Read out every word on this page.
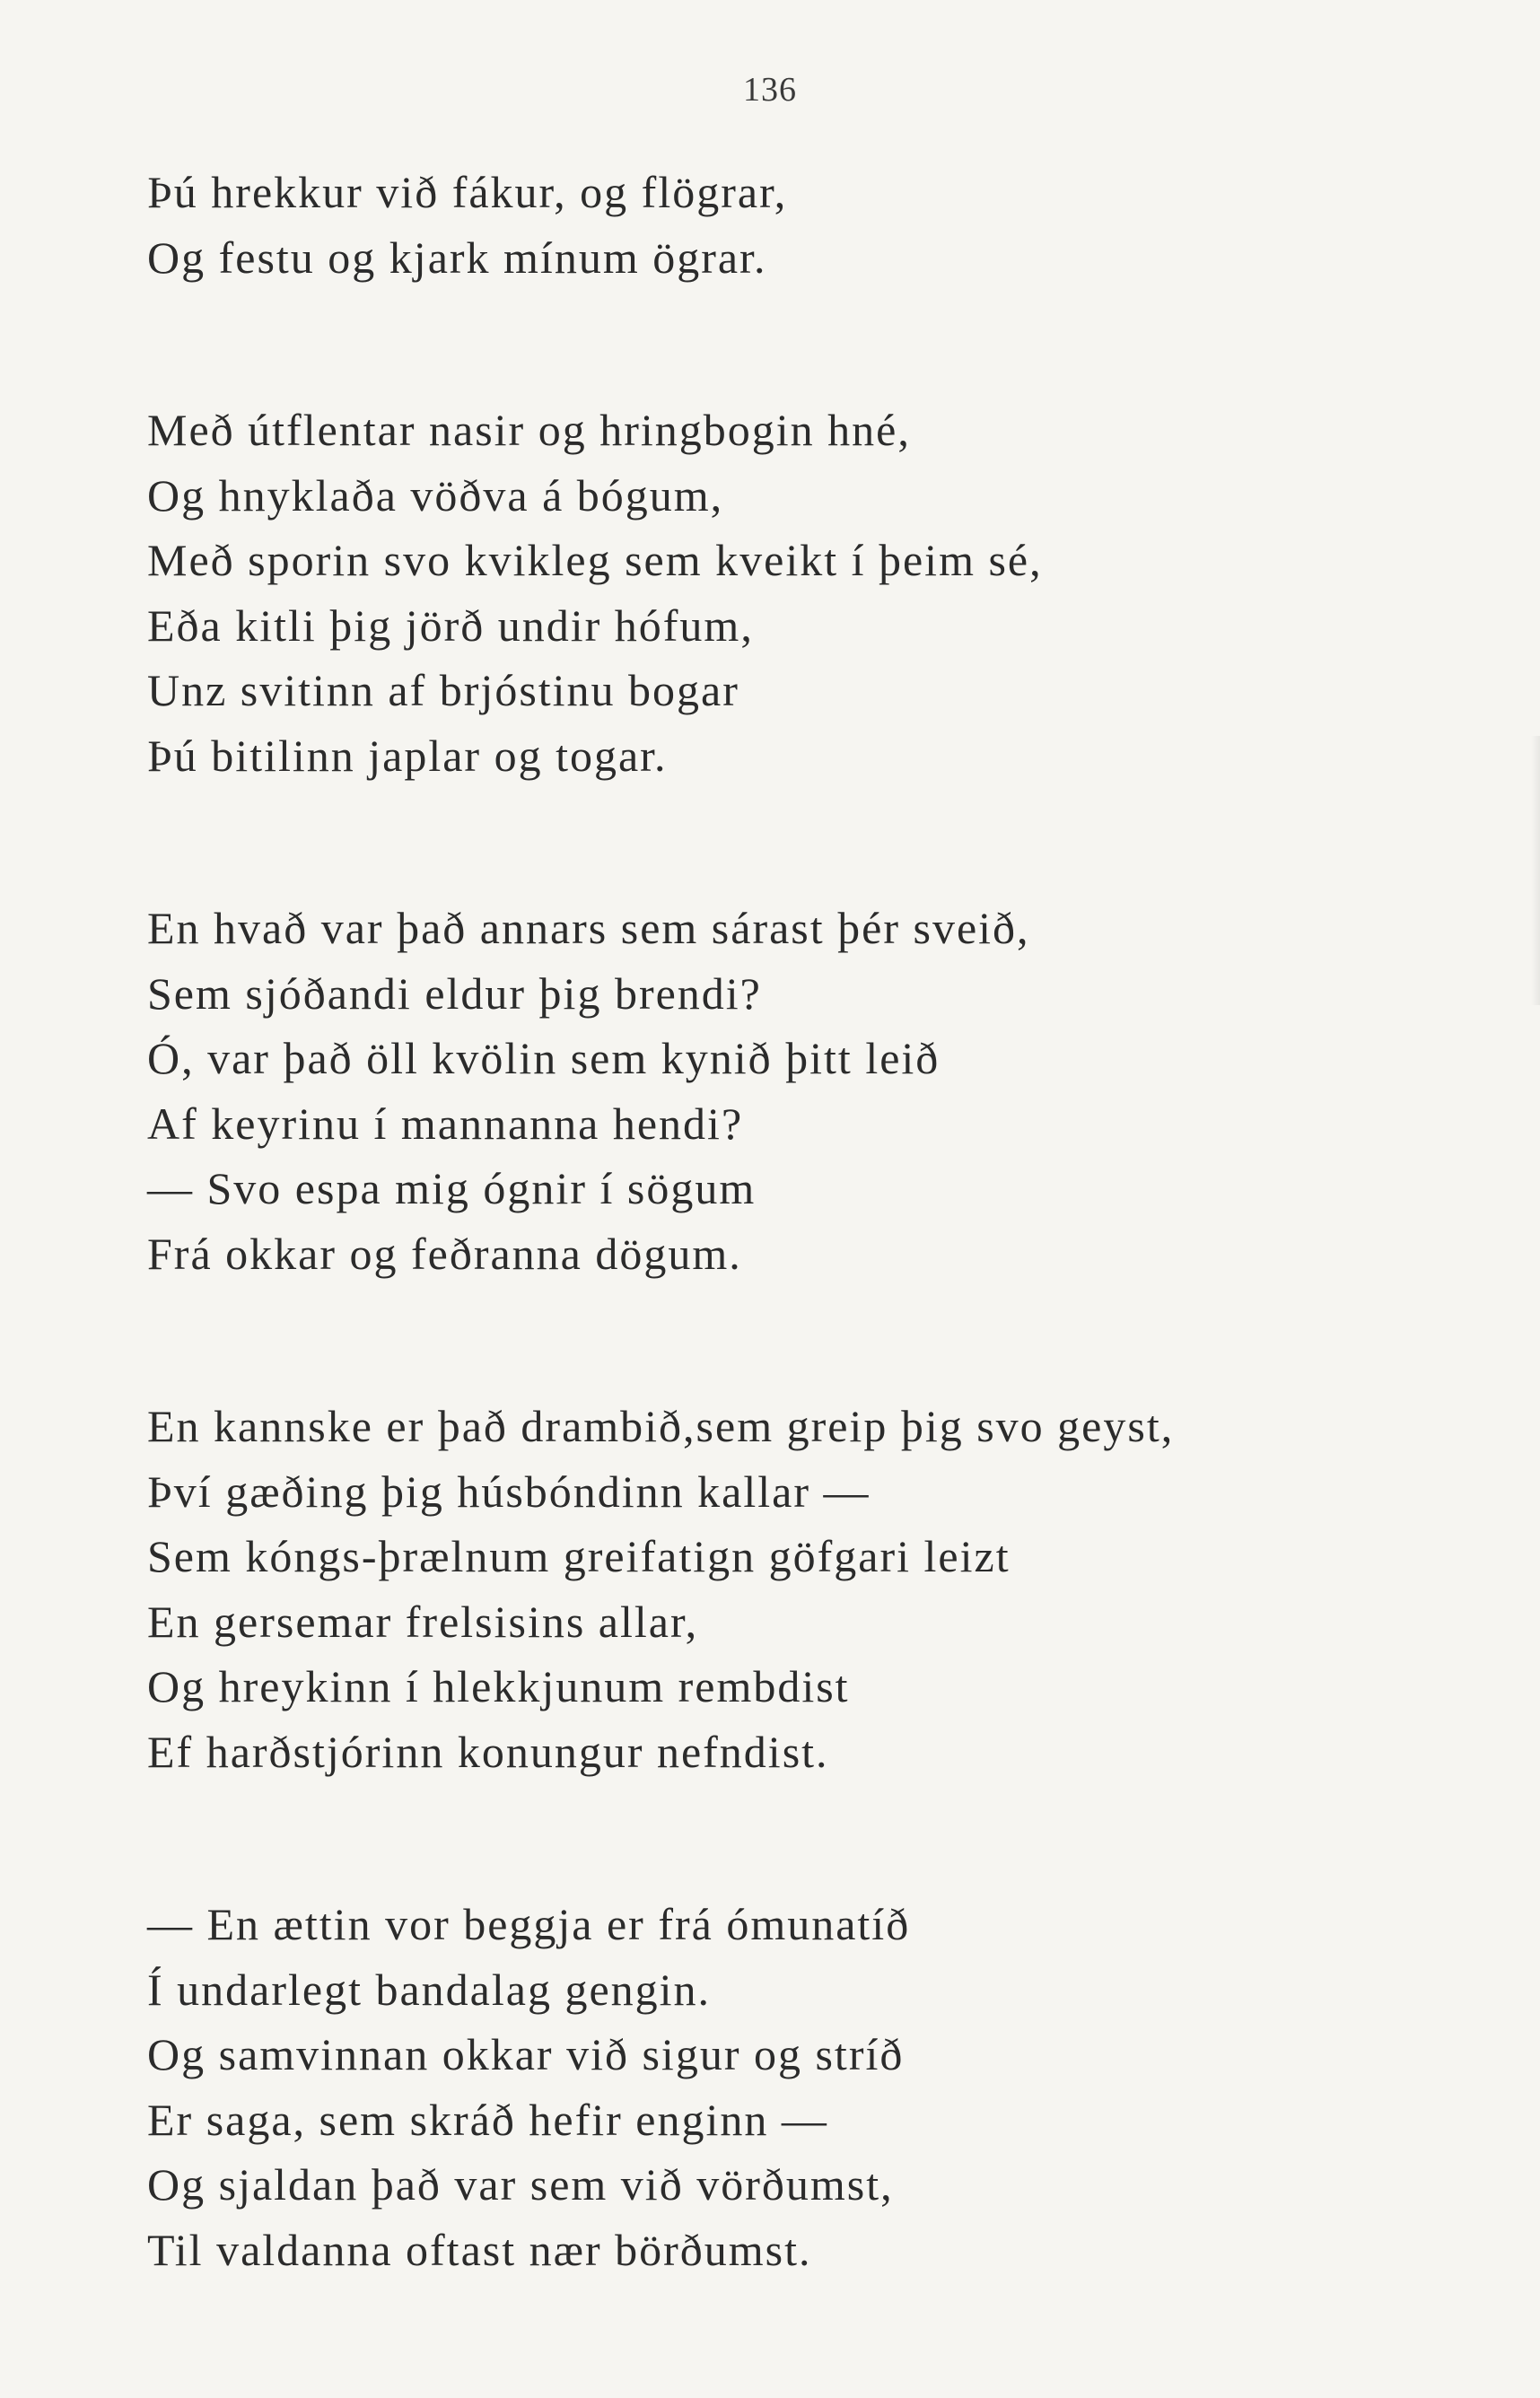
136
Þú hrekkur við fákur, og flögrar,
Og festu og kjark mínum ögrar.
Með útflentar nasir og hringbogin hné,
Og hnyklaða vöðva á bógum,
Með sporin svo kvikleg sem kveikt í þeim sé,
Eða kitli þig jörð undir hófum,
Unz svitinn af brjóstinu bogar
Þú bitilinn japlar og togar.
En hvað var það annars sem sárast þér sveið,
Sem sjóðandi eldur þig brendi?
Ó, var það öll kvölin sem kynið þitt leið
Af keyrinu í mannanna hendi?
— Svo espa mig ógnir í sögum
Frá okkar og feðranna dögum.
En kannske er það drambið,sem greip þig svo geyst,
Því gæðing þig húsbóndinn kallar —
Sem kóngs-þrælnum greifatign göfgari leizt
En gersemar frelsisins allar,
Og hreykinn í hlekkjunum rembdist
Ef harðstjórinn konungur nefndist.
— En ættin vor beggja er frá ómunatíð
Í undarlegt bandalag gengin.
Og samvinnan okkar við sigur og stríð
Er saga, sem skráð hefir enginn —
Og sjaldan það var sem við vörðumst,
Til valdanna oftast nær börðumst.
